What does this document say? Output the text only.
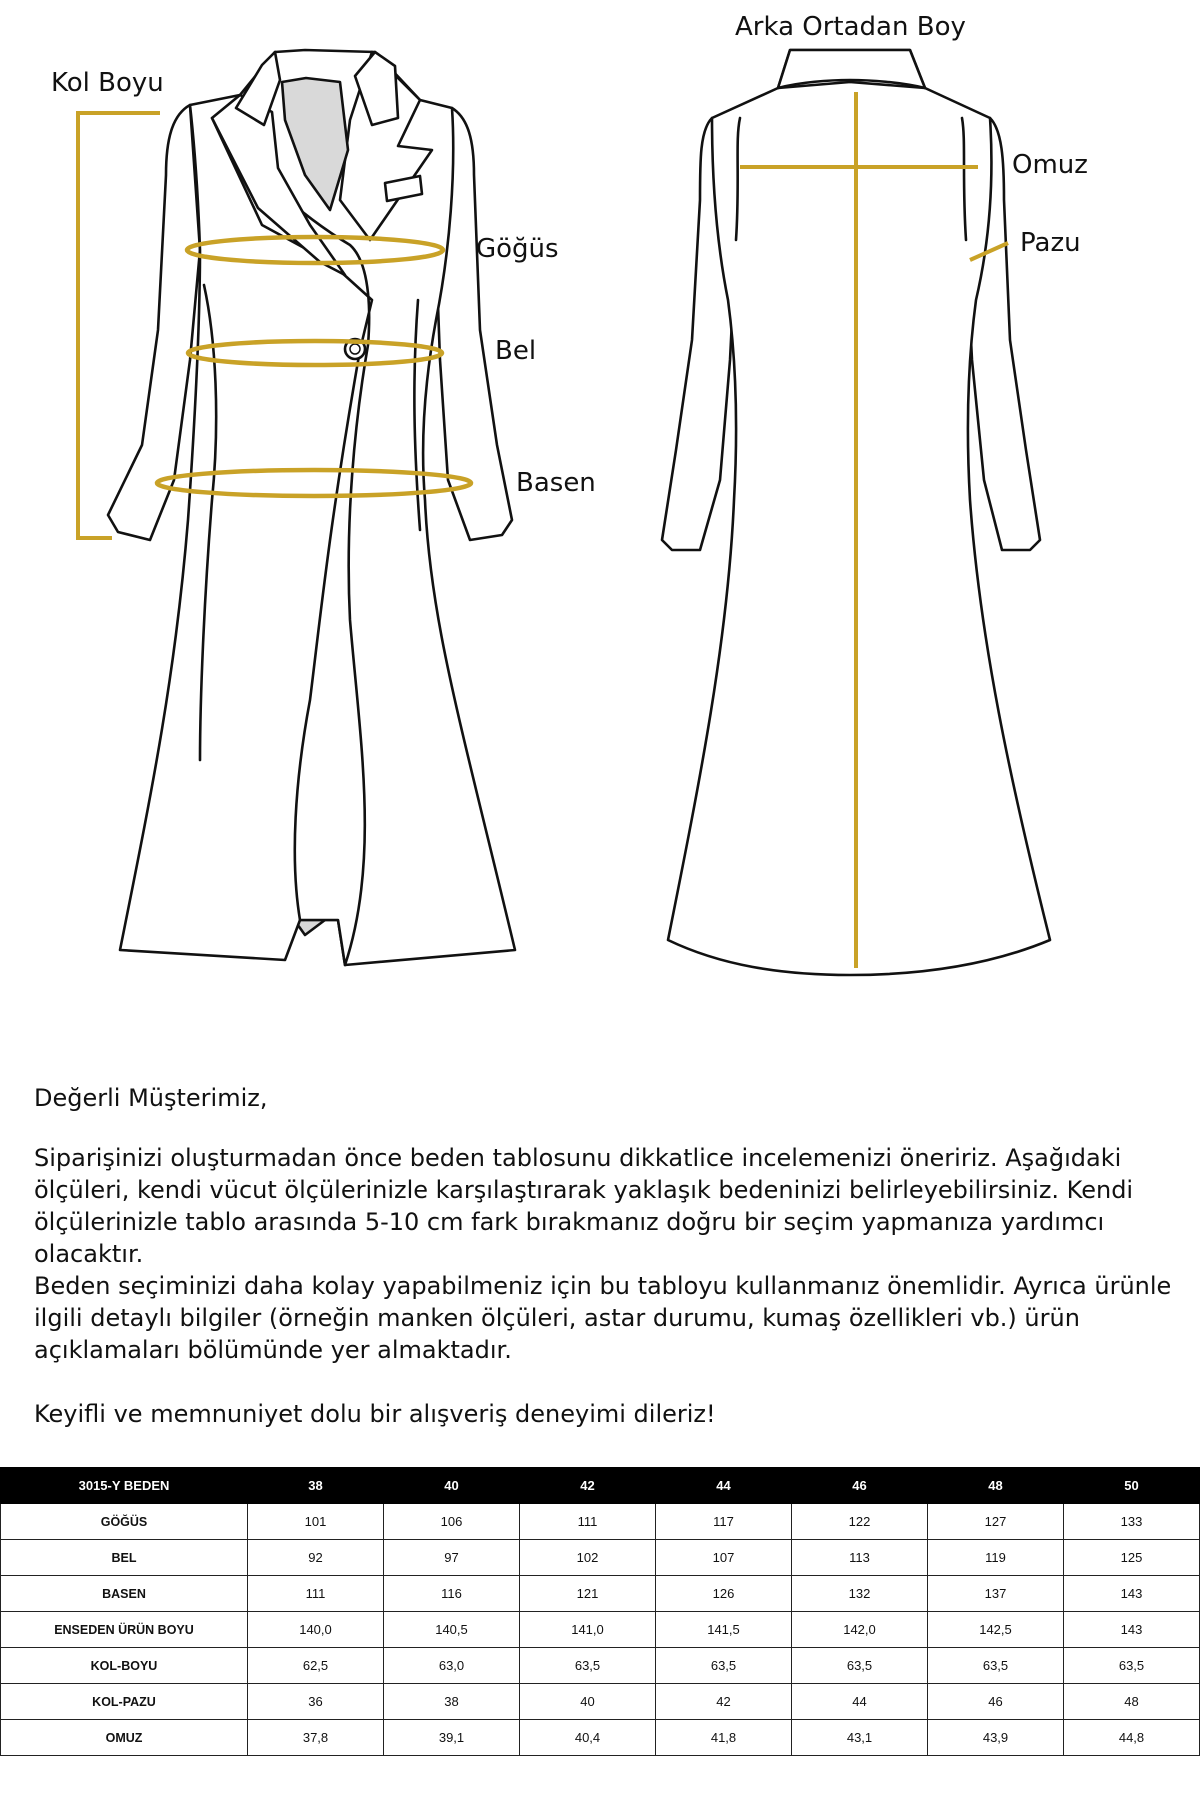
Kol Boyu
Göğüs
Bel
Basen
Arka Ortadan Boy
Omuz
Pazu

Değerli Müşterimiz,

Siparişinizi oluşturmadan önce beden tablosunu dikkatlice incelemenizi öneririz. Aşağıdaki ölçüleri, kendi vücut ölçülerinizle karşılaştırarak yaklaşık bedeninizi belirleyebilirsiniz. Kendi ölçülerinizle tablo arasında 5-10 cm fark bırakmanız doğru bir seçim yapmanıza yardımcı olacaktır.

Beden seçiminizi daha kolay yapabilmeniz için bu tabloyu kullanmanız önemlidir. Ayrıca ürünle ilgili detaylı bilgiler (örneğin manken ölçüleri, astar durumu, kumaş özellikleri vb.) ürün açıklamaları bölümünde yer almaktadır.

Keyifli ve memnuniyet dolu bir alışveriş deneyimi dileriz!

3015-Y BEDEN	38	40	42	44	46	48	50
GÖĞÜS	101	106	111	117	122	127	133
BEL	92	97	102	107	113	119	125
BASEN	111	116	121	126	132	137	143
ENSEDEN ÜRÜN BOYU	140,0	140,5	141,0	141,5	142,0	142,5	143
KOL-BOYU	62,5	63,0	63,5	63,5	63,5	63,5	63,5
KOL-PAZU	36	38	40	42	44	46	48
OMUZ	37,8	39,1	40,4	41,8	43,1	43,9	44,8
